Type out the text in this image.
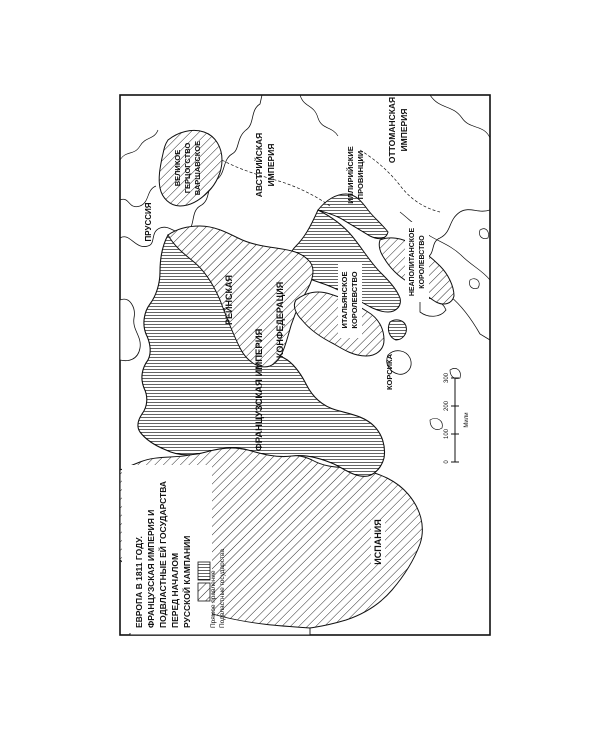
ФРАНЦУЗСКАЯ ИМПЕРИЯ
РЕЙНСКАЯ	КОНФЕДЕРАЦИЯ
ВЕЛИКОЕ ГЕРЦОГСТВО ВАРШАВСКОЕ
ПРУССИЯ
АВСТРИЙСКАЯ ИМПЕРИЯ	ИЛЛИРИЙСКИЕ ПРОВИНЦИИ
ОТТОМАНСКАЯ ИМПЕРИЯ
ИТАЛЬЯНСКОЕ КОРОЛЕВСТВО
НЕАПОЛИТАНСКОЕ КОРОЛЕВСТВО
КОРСИКА
ИСПАНИЯ
ЕВРОПА В 1811 ГОДУ. ФРАНЦУЗСКАЯ ИМПЕРИЯ И ПОДВЛАСТНЫЕ ЕЙ ГОСУДАРСТВА ПЕРЕД НАЧАЛОМ РУССКОЙ КАМПАНИИ	Прямое правление Подвластные государства
0
100
200
300
Мили
